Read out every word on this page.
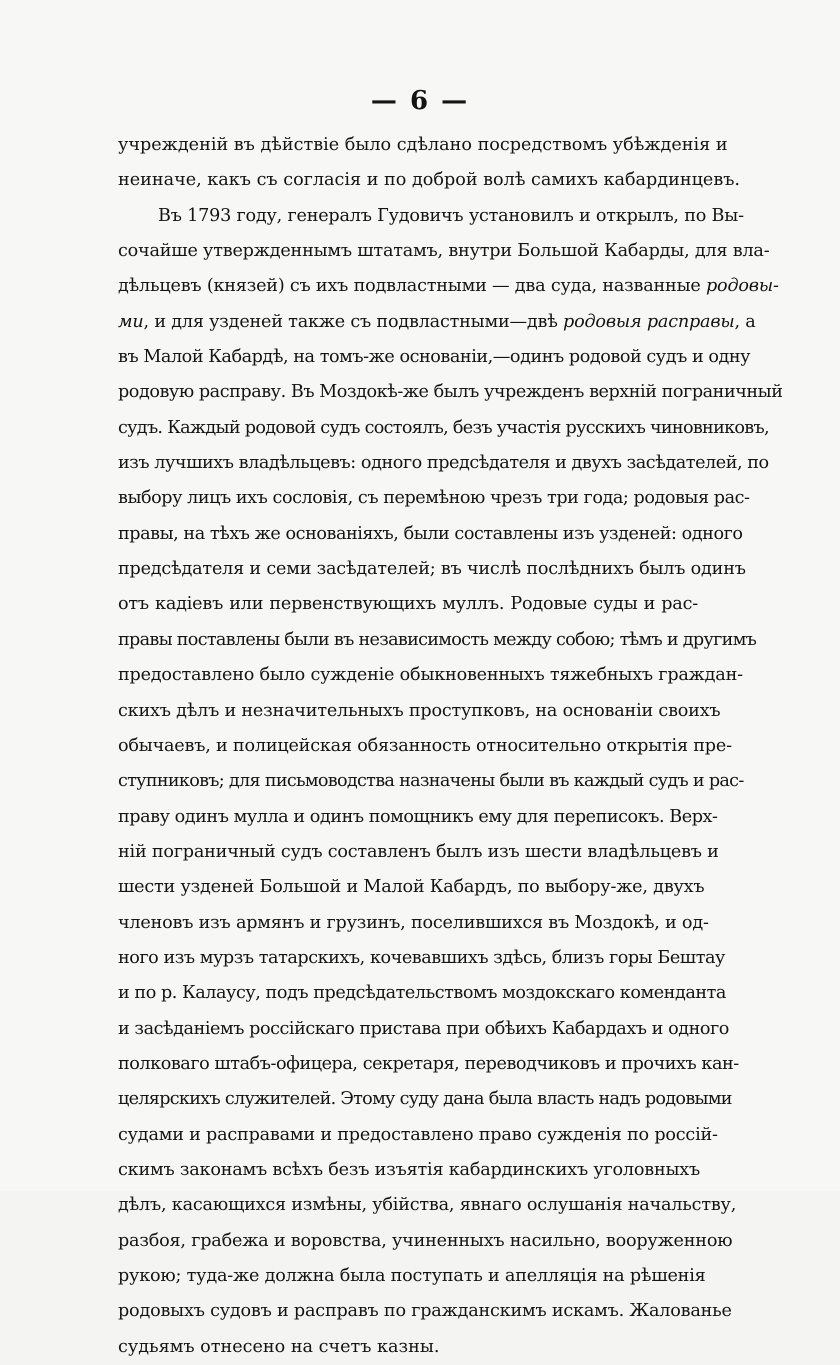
— 6 —
учрежденій въ дѣйствіе было сдѣлано посредствомъ убѣжденія и
неиначе, какъ съ согласія и по доброй волѣ самихъ кабардинцевъ.
Въ 1793 году, генералъ Гудовичъ установилъ и открылъ, по Вы-
сочайше утвержденнымъ штатамъ, внутри Большой Кабарды, для вла-
дѣльцевъ (князей) съ ихъ подвластными — два суда, названные родовы-
ми, и для узденей также съ подвластными—двѣ родовыя расправы, а
въ Малой Кабардѣ, на томъ-же основаніи,—одинъ родовой судъ и одну
родовую расправу. Въ Моздокѣ-же былъ учрежденъ верхній пограничный
судъ. Каждый родовой судъ состоялъ, безъ участія русскихъ чиновниковъ,
изъ лучшихъ владѣльцевъ: одного предсѣдателя и двухъ засѣдателей, по
выбору лицъ ихъ сословія, съ перемѣною чрезъ три года; родовыя рас-
правы, на тѣхъ же основаніяхъ, были составлены изъ узденей: одного
предсѣдателя и семи засѣдателей; въ числѣ послѣднихъ былъ одинъ
отъ кадіевъ или первенствующихъ муллъ. Родовые суды и рас-
правы поставлены были въ независимость между собою; тѣмъ и другимъ
предоставлено было сужденіе обыкновенныхъ тяжебныхъ граждан-
скихъ дѣлъ и незначительныхъ проступковъ, на основаніи своихъ
обычаевъ, и полицейская обязанность относительно открытія пре-
ступниковъ; для письмоводства назначены были въ каждый судъ и рас-
праву одинъ мулла и одинъ помощникъ ему для переписокъ. Верх-
ній пограничный судъ составленъ былъ изъ шести владѣльцевъ и
шести узденей Большой и Малой Кабардъ, по выбору-же, двухъ
членовъ изъ армянъ и грузинъ, поселившихся въ Моздокѣ, и од-
ного изъ мурзъ татарскихъ, кочевавшихъ здѣсь, близъ горы Бештау
и по р. Калаусу, подъ предсѣдательствомъ моздокскаго коменданта
и засѣданіемъ россійскаго пристава при обѣихъ Кабардахъ и одного
полковаго штабъ-офицера, секретаря, переводчиковъ и прочихъ кан-
целярскихъ служителей. Этому суду дана была власть надъ родовыми
судами и расправами и предоставлено право сужденія по россій-
скимъ законамъ всѣхъ безъ изъятія кабардинскихъ уголовныхъ
дѣлъ, касающихся измѣны, убійства, явнаго ослушанія начальству,
разбоя, грабежа и воровства, учиненныхъ насильно, вооруженною
рукою; туда-же должна была поступать и апелляція на рѣшенія
родовыхъ судовъ и расправъ по гражданскимъ искамъ. Жалованье
судьямъ отнесено на счетъ казны.
